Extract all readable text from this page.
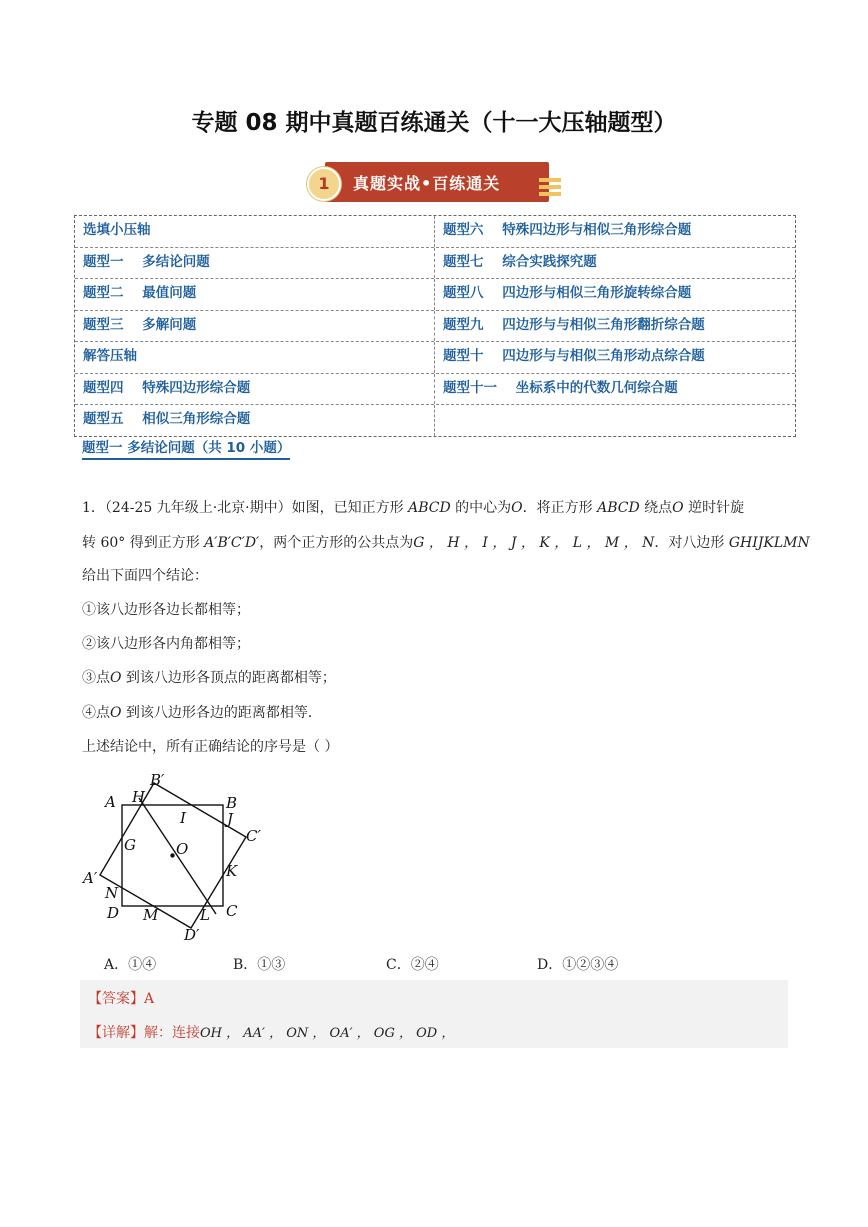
专题 08 期中真题百练通关（十一大压轴题型）
1	真题实战•百练通关
选填小压轴	题型六    特殊四边形与相似三角形综合题
题型一    多结论问题	题型七    综合实践探究题
题型二    最值问题	题型八    四边形与相似三角形旋转综合题
题型三    多解问题	题型九    四边形与与相似三角形翻折综合题
解答压轴	题型十    四边形与与相似三角形动点综合题
题型四    特殊四边形综合题	题型十一    坐标系中的代数几何综合题
题型五    相似三角形综合题
题型一 多结论问题（共 10 小题）
1．（24-25 九年级上·北京·期中）如图，已知正方形 ABCD 的中心为O．将正方形 ABCD 绕点O 逆时针旋
转 60° 得到正方形 A′B′C′D′，两个正方形的公共点为G ， H ， I ， J ， K ， L ， M ， N．对八边形 GHIJKLMN
给出下面四个结论：
①该八边形各边长都相等；
②该八边形各内角都相等；
③点O 到该八边形各顶点的距离都相等；
④点O 到该八边形各边的距离都相等．
上述结论中，所有正确结论的序号是（ ）
A
B′
B
H
I	J
C′
G	O
K
A′
N
D M	L C
D′
A．①④	B．①③	C．②④	D．①②③④
【答案】A
【详解】解：连接OH ， AA′ ， ON ， OA′ ， OG ， OD ，
